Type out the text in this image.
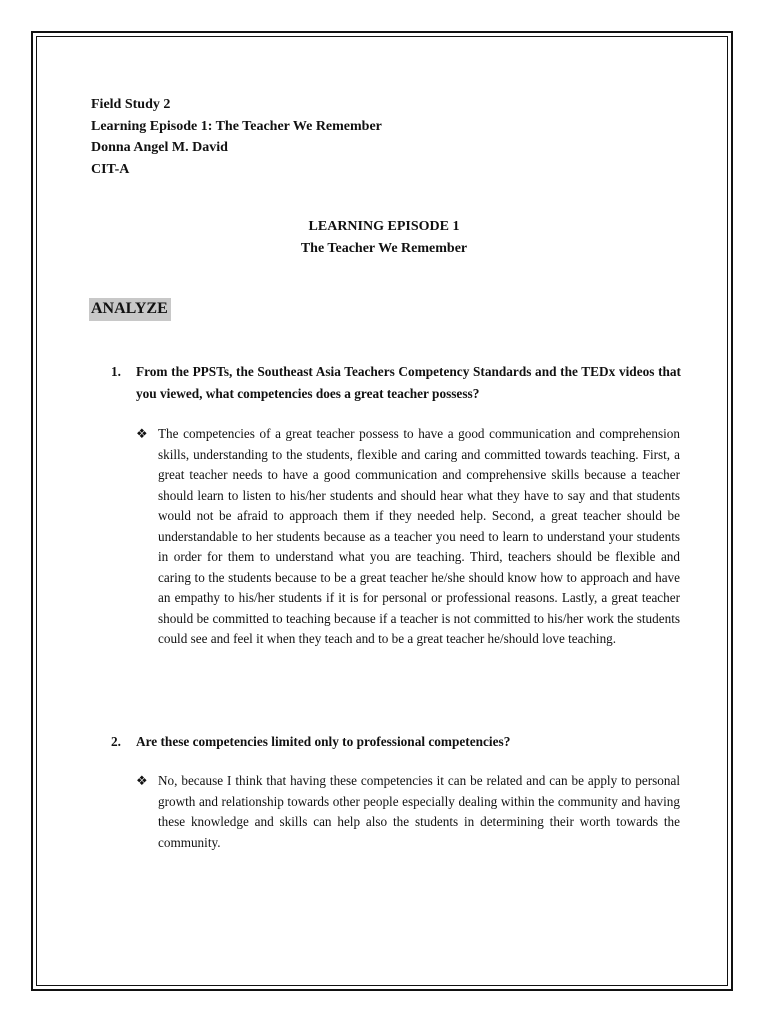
Field Study 2
Learning Episode 1: The Teacher We Remember
Donna Angel M. David
CIT-A
LEARNING EPISODE 1
The Teacher We Remember
ANALYZE
1. From the PPSTs, the Southeast Asia Teachers Competency Standards and the TEDx videos that you viewed, what competencies does a great teacher possess?
❖ The competencies of a great teacher possess to have a good communication and comprehension skills, understanding to the students, flexible and caring and committed towards teaching. First, a great teacher needs to have a good communication and comprehensive skills because a teacher should learn to listen to his/her students and should hear what they have to say and that students would not be afraid to approach them if they needed help. Second, a great teacher should be understandable to her students because as a teacher you need to learn to understand your students in order for them to understand what you are teaching. Third, teachers should be flexible and caring to the students because to be a great teacher he/she should know how to approach and have an empathy to his/her students if it is for personal or professional reasons. Lastly, a great teacher should be committed to teaching because if a teacher is not committed to his/her work the students could see and feel it when they teach and to be a great teacher he/should love teaching.
2. Are these competencies limited only to professional competencies?
❖ No, because I think that having these competencies it can be related and can be apply to personal growth and relationship towards other people especially dealing within the community and having these knowledge and skills can help also the students in determining their worth towards the community.
